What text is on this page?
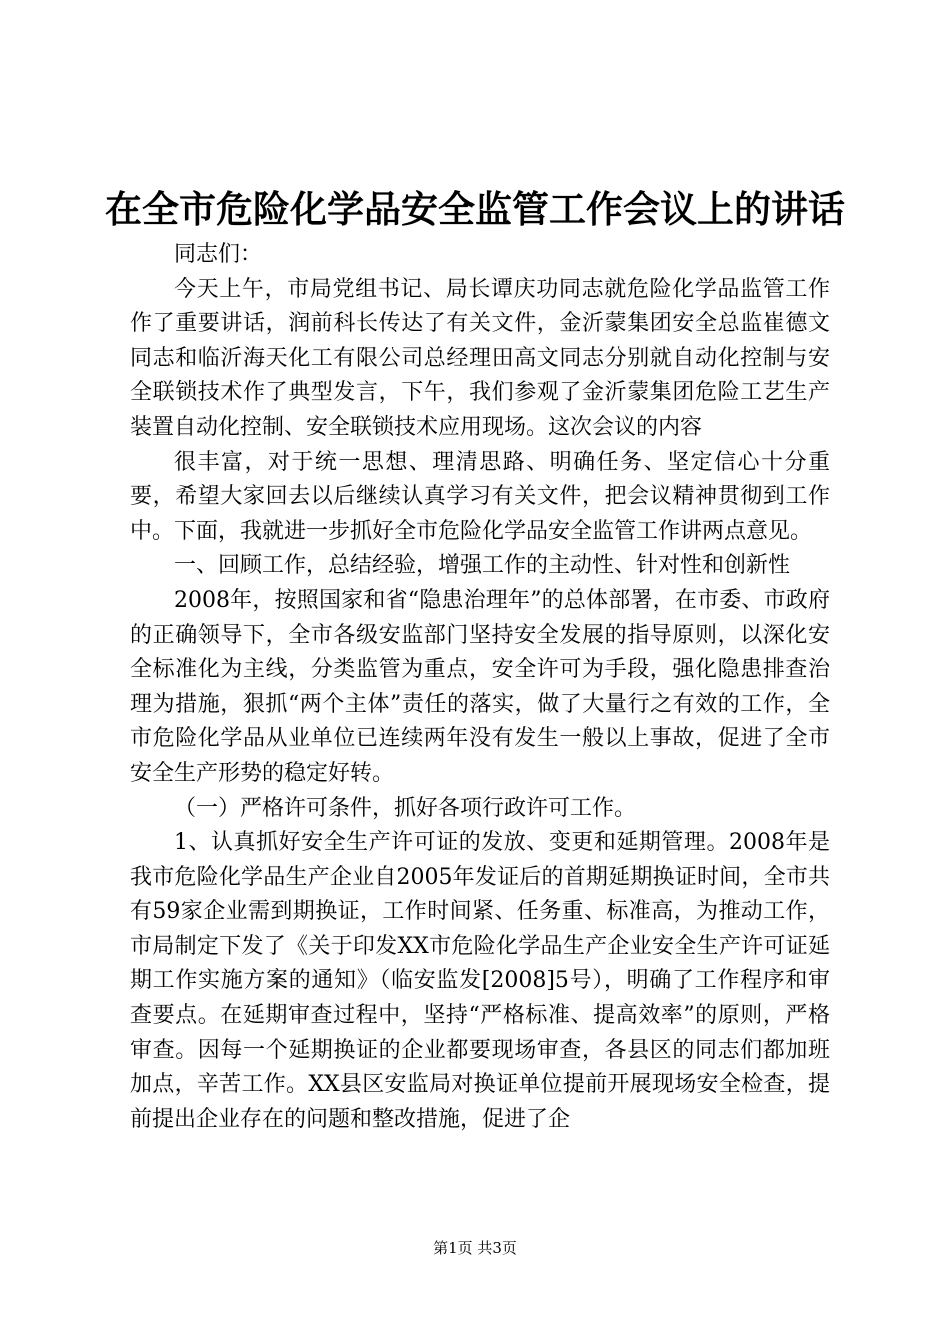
在全市危险化学品安全监管工作会议上的讲话

同志们：

今天上午，市局党组书记、局长谭庆功同志就危险化学品监管工作作了重要讲话，润前科长传达了有关文件，金沂蒙集团安全总监崔德文同志和临沂海天化工有限公司总经理田高文同志分别就自动化控制与安全联锁技术作了典型发言，下午，我们参观了金沂蒙集团危险工艺生产装置自动化控制、安全联锁技术应用现场。这次会议的内容

很丰富，对于统一思想、理清思路、明确任务、坚定信心十分重要，希望大家回去以后继续认真学习有关文件，把会议精神贯彻到工作中。下面，我就进一步抓好全市危险化学品安全监管工作讲两点意见。

一、回顾工作，总结经验，增强工作的主动性、针对性和创新性

2008年，按照国家和省“隐患治理年”的总体部署，在市委、市政府的正确领导下，全市各级安监部门坚持安全发展的指导原则，以深化安全标准化为主线，分类监管为重点，安全许可为手段，强化隐患排查治理为措施，狠抓“两个主体”责任的落实，做了大量行之有效的工作，全市危险化学品从业单位已连续两年没有发生一般以上事故，促进了全市安全生产形势的稳定好转。

（一）严格许可条件，抓好各项行政许可工作。

1、认真抓好安全生产许可证的发放、变更和延期管理。2008年是我市危险化学品生产企业自2005年发证后的首期延期换证时间，全市共有59家企业需到期换证，工作时间紧、任务重、标准高，为推动工作，市局制定下发了《关于印发XX市危险化学品生产企业安全生产许可证延期工作实施方案的通知》（临安监发[2008]5号），明确了工作程序和审查要点。在延期审查过程中，坚持“严格标准、提高效率”的原则，严格审查。因每一个延期换证的企业都要现场审查，各县区的同志们都加班加点，辛苦工作。XX县区安监局对换证单位提前开展现场安全检查，提前提出企业存在的问题和整改措施，促进了企

第1页 共3页
